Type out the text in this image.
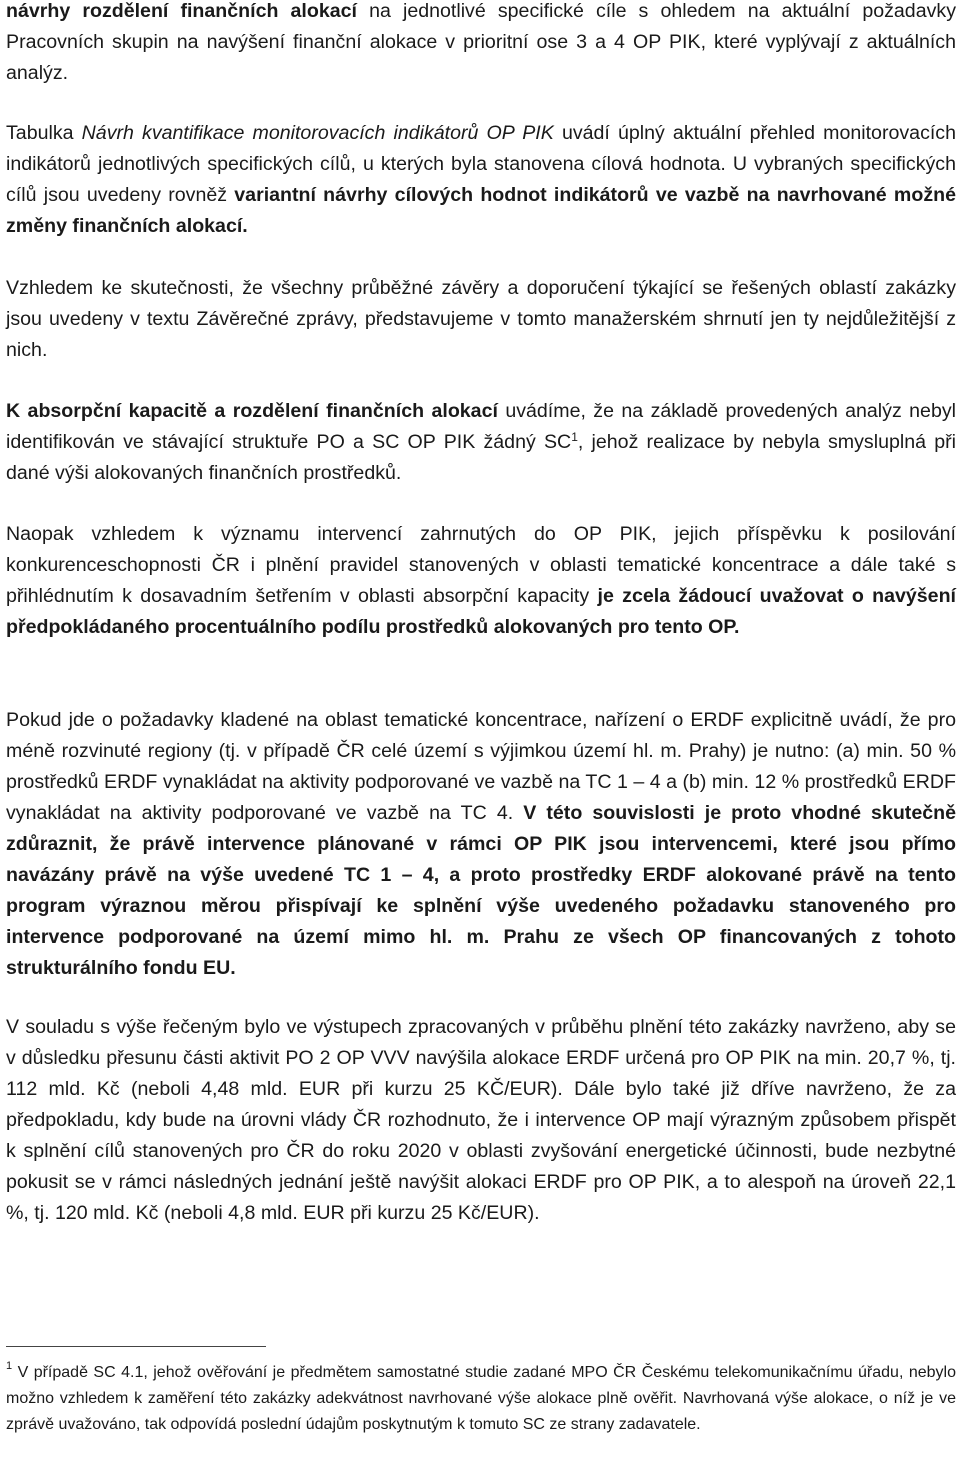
návrhy rozdělení finančních alokací na jednotlivé specifické cíle s ohledem na aktuální požadavky Pracovních skupin na navýšení finanční alokace v prioritní ose 3 a 4 OP PIK, které vyplývají z aktuálních analýz.

Tabulka Návrh kvantifikace monitorovacích indikátorů OP PIK uvádí úplný aktuální přehled monitorovacích indikátorů jednotlivých specifických cílů, u kterých byla stanovena cílová hodnota. U vybraných specifických cílů jsou uvedeny rovněž variantní návrhy cílových hodnot indikátorů ve vazbě na navrhované možné změny finančních alokací.

Vzhledem ke skutečnosti, že všechny průběžné závěry a doporučení týkající se řešených oblastí zakázky jsou uvedeny v textu Závěrečné zprávy, představujeme v tomto manažerském shrnutí jen ty nejdůležitější z nich.

K absorpční kapacitě a rozdělení finančních alokací uvádíme, že na základě provedených analýz nebyl identifikován ve stávající struktuře PO a SC OP PIK žádný $SC^1$, jehož realizace by nebyla smysluplná při dané výši alokovaných finančních prostředků.

Naopak vzhledem k významu intervencí zahrnutých do OP PIK, jejich příspěvku k posilování konkurenceschopnosti ČR i plnění pravidel stanovených v oblasti tematické koncentrace a dále také s přihlédnutím k dosavadním šetřením v oblasti absorpční kapacity je zcela žádoucí uvažovat o navýšení předpokládaného procentuálního podílu prostředků alokovaných pro tento OP.

Pokud jde o požadavky kladené na oblast tematické koncentrace, nařízení o ERDF explicitně uvádí, že pro méně rozvinuté regiony (tj. v případě ČR celé území s výjimkou území hl. m. Prahy) je nutno: (a) min. 50 % prostředků ERDF vynakládat na aktivity podporované ve vazbě na TC 1 – 4 a (b) min. 12 % prostředků ERDF vynakládat na aktivity podporované ve vazbě na TC 4. V této souvislosti je proto vhodné skutečně zdůraznit, že právě intervence plánované v rámci OP PIK jsou intervencemi, které jsou přímo navázány právě na výše uvedené TC 1 – 4, a proto prostředky ERDF alokované právě na tento program výraznou měrou přispívají ke splnění výše uvedeného požadavku stanoveného pro intervence podporované na území mimo hl. m. Prahu ze všech OP financovaných z tohoto strukturálního fondu EU.

V souladu s výše řečeným bylo ve výstupech zpracovaných v průběhu plnění této zakázky navrženo, aby se v důsledku přesunu části aktivit PO 2 OP VVV navýšila alokace ERDF určená pro OP PIK na min. 20,7 %, tj. 112 mld. Kč (neboli 4,48 mld. EUR při kurzu 25 KČ/EUR). Dále bylo také již dříve navrženo, že za předpokladu, kdy bude na úrovni vlády ČR rozhodnuto, že i intervence OP mají výrazným způsobem přispět k splnění cílů stanovených pro ČR do roku 2020 v oblasti zvyšování energetické účinnosti, bude nezbytné pokusit se v rámci následných jednání ještě navýšit alokaci ERDF pro OP PIK, a to alespoň na úroveň 22,1 %, tj. 120 mld. Kč (neboli 4,8 mld. EUR při kurzu 25 Kč/EUR).

$^1$ V případě SC 4.1, jehož ověřování je předmětem samostatné studie zadané MPO ČR Českému telekomunikačnímu úřadu, nebylo možno vzhledem k zaměření této zakázky adekvátnost navrhované výše alokace plně ověřit. Navrhovaná výše alokace, o níž je ve zprávě uvažováno, tak odpovídá poslední údajům poskytnutým k tomuto SC ze strany zadavatele.
